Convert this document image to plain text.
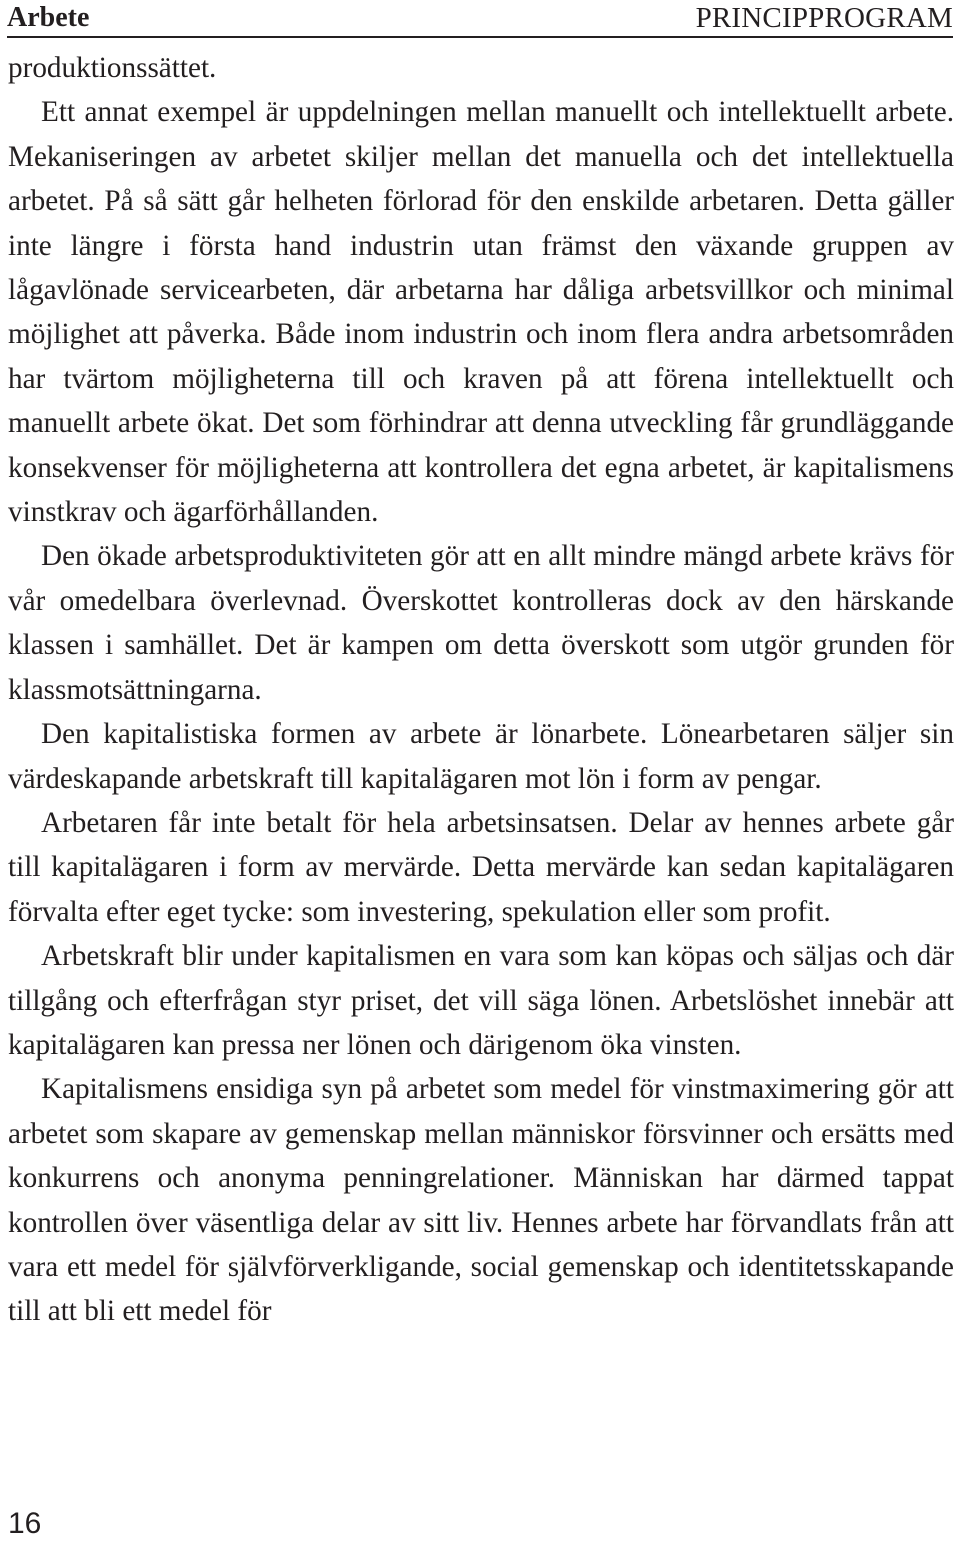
Arbete	PRINCIPPROGRAM

produktionssättet.

Ett annat exempel är uppdelningen mellan manuellt och intellektuellt arbete. Mekaniseringen av arbetet skiljer mellan det manuella och det intellektuella arbetet. På så sätt går helheten förlorad för den enskilde arbetaren. Detta gäller inte längre i första hand industrin utan främst den växande gruppen av lågavlönade servicearbeten, där arbetarna har dåliga arbetsvillkor och minimal möjlighet att påverka. Både inom industrin och inom flera andra arbetsområden har tvärtom möjligheterna till och kraven på att förena intellektuellt och manuellt arbete ökat. Det som förhindrar att denna utveckling får grundläggande konsekvenser för möjligheterna att kontrollera det egna arbetet, är kapitalismens vinstkrav och ägarförhållanden.

Den ökade arbetsproduktiviteten gör att en allt mindre mängd arbete krävs för vår omedelbara överlevnad. Överskottet kontrolleras dock av den härskande klassen i samhället. Det är kampen om detta överskott som utgör grunden för klassmotsättningarna.

Den kapitalistiska formen av arbete är lönarbete. Lönearbetaren säljer sin värdeskapande arbetskraft till kapitalägaren mot lön i form av pengar.

Arbetaren får inte betalt för hela arbetsinsatsen. Delar av hennes arbete går till kapitalägaren i form av mervärde. Detta mervärde kan sedan kapitalägaren förvalta efter eget tycke: som investering, spekulation eller som profit.

Arbetskraft blir under kapitalismen en vara som kan köpas och säljas och där tillgång och efterfrågan styr priset, det vill säga lönen. Arbetslöshet innebär att kapitalägaren kan pressa ner lönen och därigenom öka vinsten.

Kapitalismens ensidiga syn på arbetet som medel för vinstmaximering gör att arbetet som skapare av gemenskap mellan människor försvinner och ersätts med konkurrens och anonyma penningrelationer. Människan har därmed tappat kontrollen över väsentliga delar av sitt liv. Hennes arbete har förvandlats från att vara ett medel för självförverkligande, social gemenskap och identitetsskapande till att bli ett medel för

16
